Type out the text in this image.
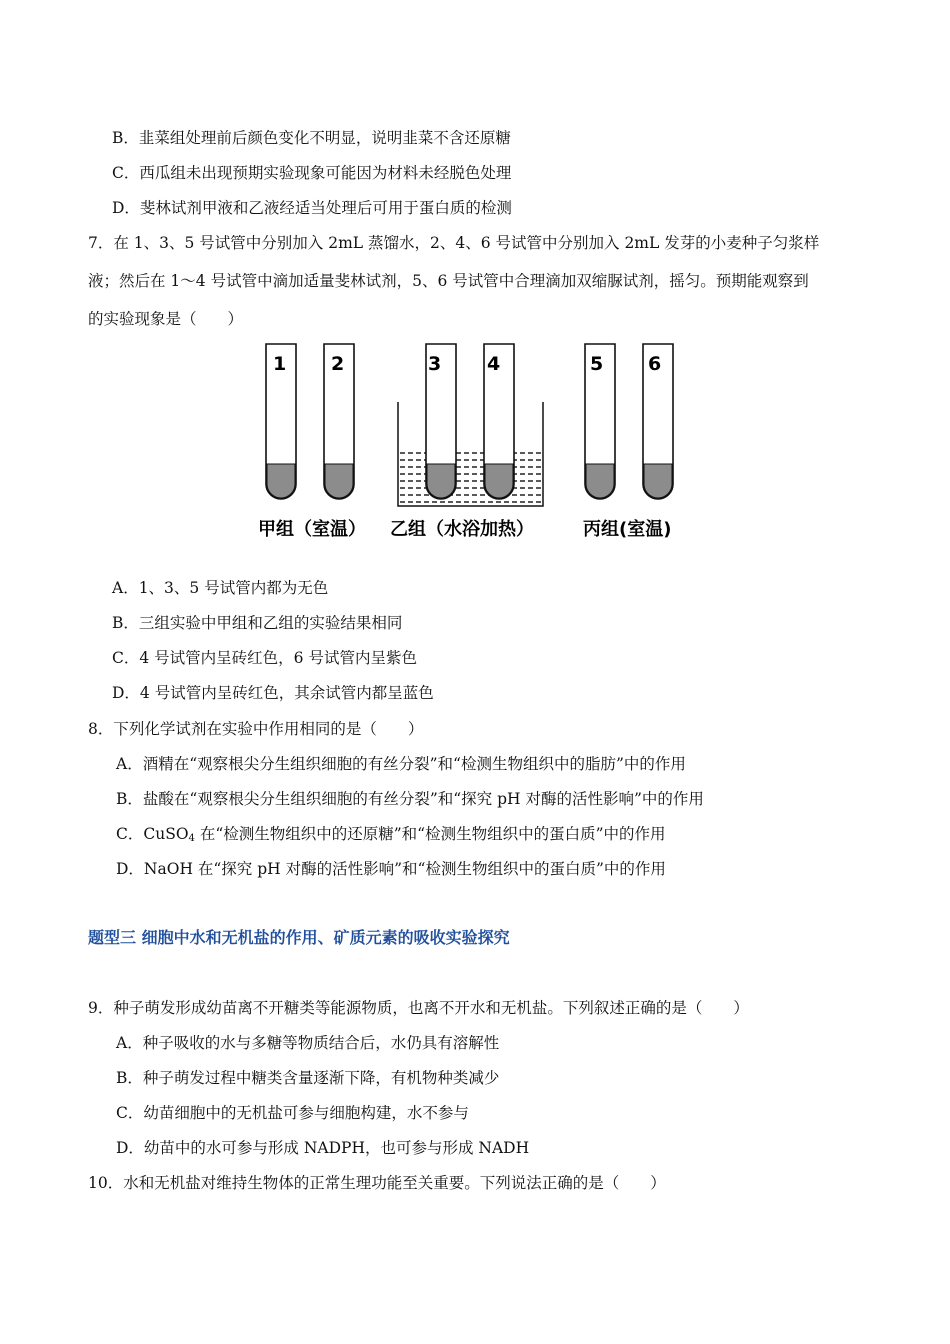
B．韭菜组处理前后颜色变化不明显，说明韭菜不含还原糖
C．西瓜组未出现预期实验现象可能因为材料未经脱色处理
D．斐林试剂甲液和乙液经适当处理后可用于蛋白质的检测
7．在 1、3、5 号试管中分别加入 2mL 蒸馏水，2、4、6 号试管中分别加入 2mL 发芽的小麦种子匀浆样
液；然后在 1～4 号试管中滴加适量斐林试剂，5、6 号试管中合理滴加双缩脲试剂，摇匀。预期能观察到
的实验现象是（　　）
1 2	3 4	5 6
甲组（室温） 乙组（水浴加热）	丙组(室温)
A．1、3、5 号试管内都为无色
B．三组实验中甲组和乙组的实验结果相同
C．4 号试管内呈砖红色，6 号试管内呈紫色
D．4 号试管内呈砖红色，其余试管内都呈蓝色
8．下列化学试剂在实验中作用相同的是（　　）
A．酒精在“观察根尖分生组织细胞的有丝分裂”和“检测生物组织中的脂肪”中的作用
B．盐酸在“观察根尖分生组织细胞的有丝分裂”和“探究 pH 对酶的活性影响”中的作用
C．CuSO$_4$ 在“检测生物组织中的还原糖”和“检测生物组织中的蛋白质”中的作用
D．NaOH 在“探究 pH 对酶的活性影响”和“检测生物组织中的蛋白质”中的作用
题型三 细胞中水和无机盐的作用、矿质元素的吸收实验探究
9．种子萌发形成幼苗离不开糖类等能源物质，也离不开水和无机盐。下列叙述正确的是（　　）
A．种子吸收的水与多糖等物质结合后，水仍具有溶解性
B．种子萌发过程中糖类含量逐渐下降，有机物种类减少
C．幼苗细胞中的无机盐可参与细胞构建，水不参与
D．幼苗中的水可参与形成 NADPH，也可参与形成 NADH
10．水和无机盐对维持生物体的正常生理功能至关重要。下列说法正确的是（　　）
